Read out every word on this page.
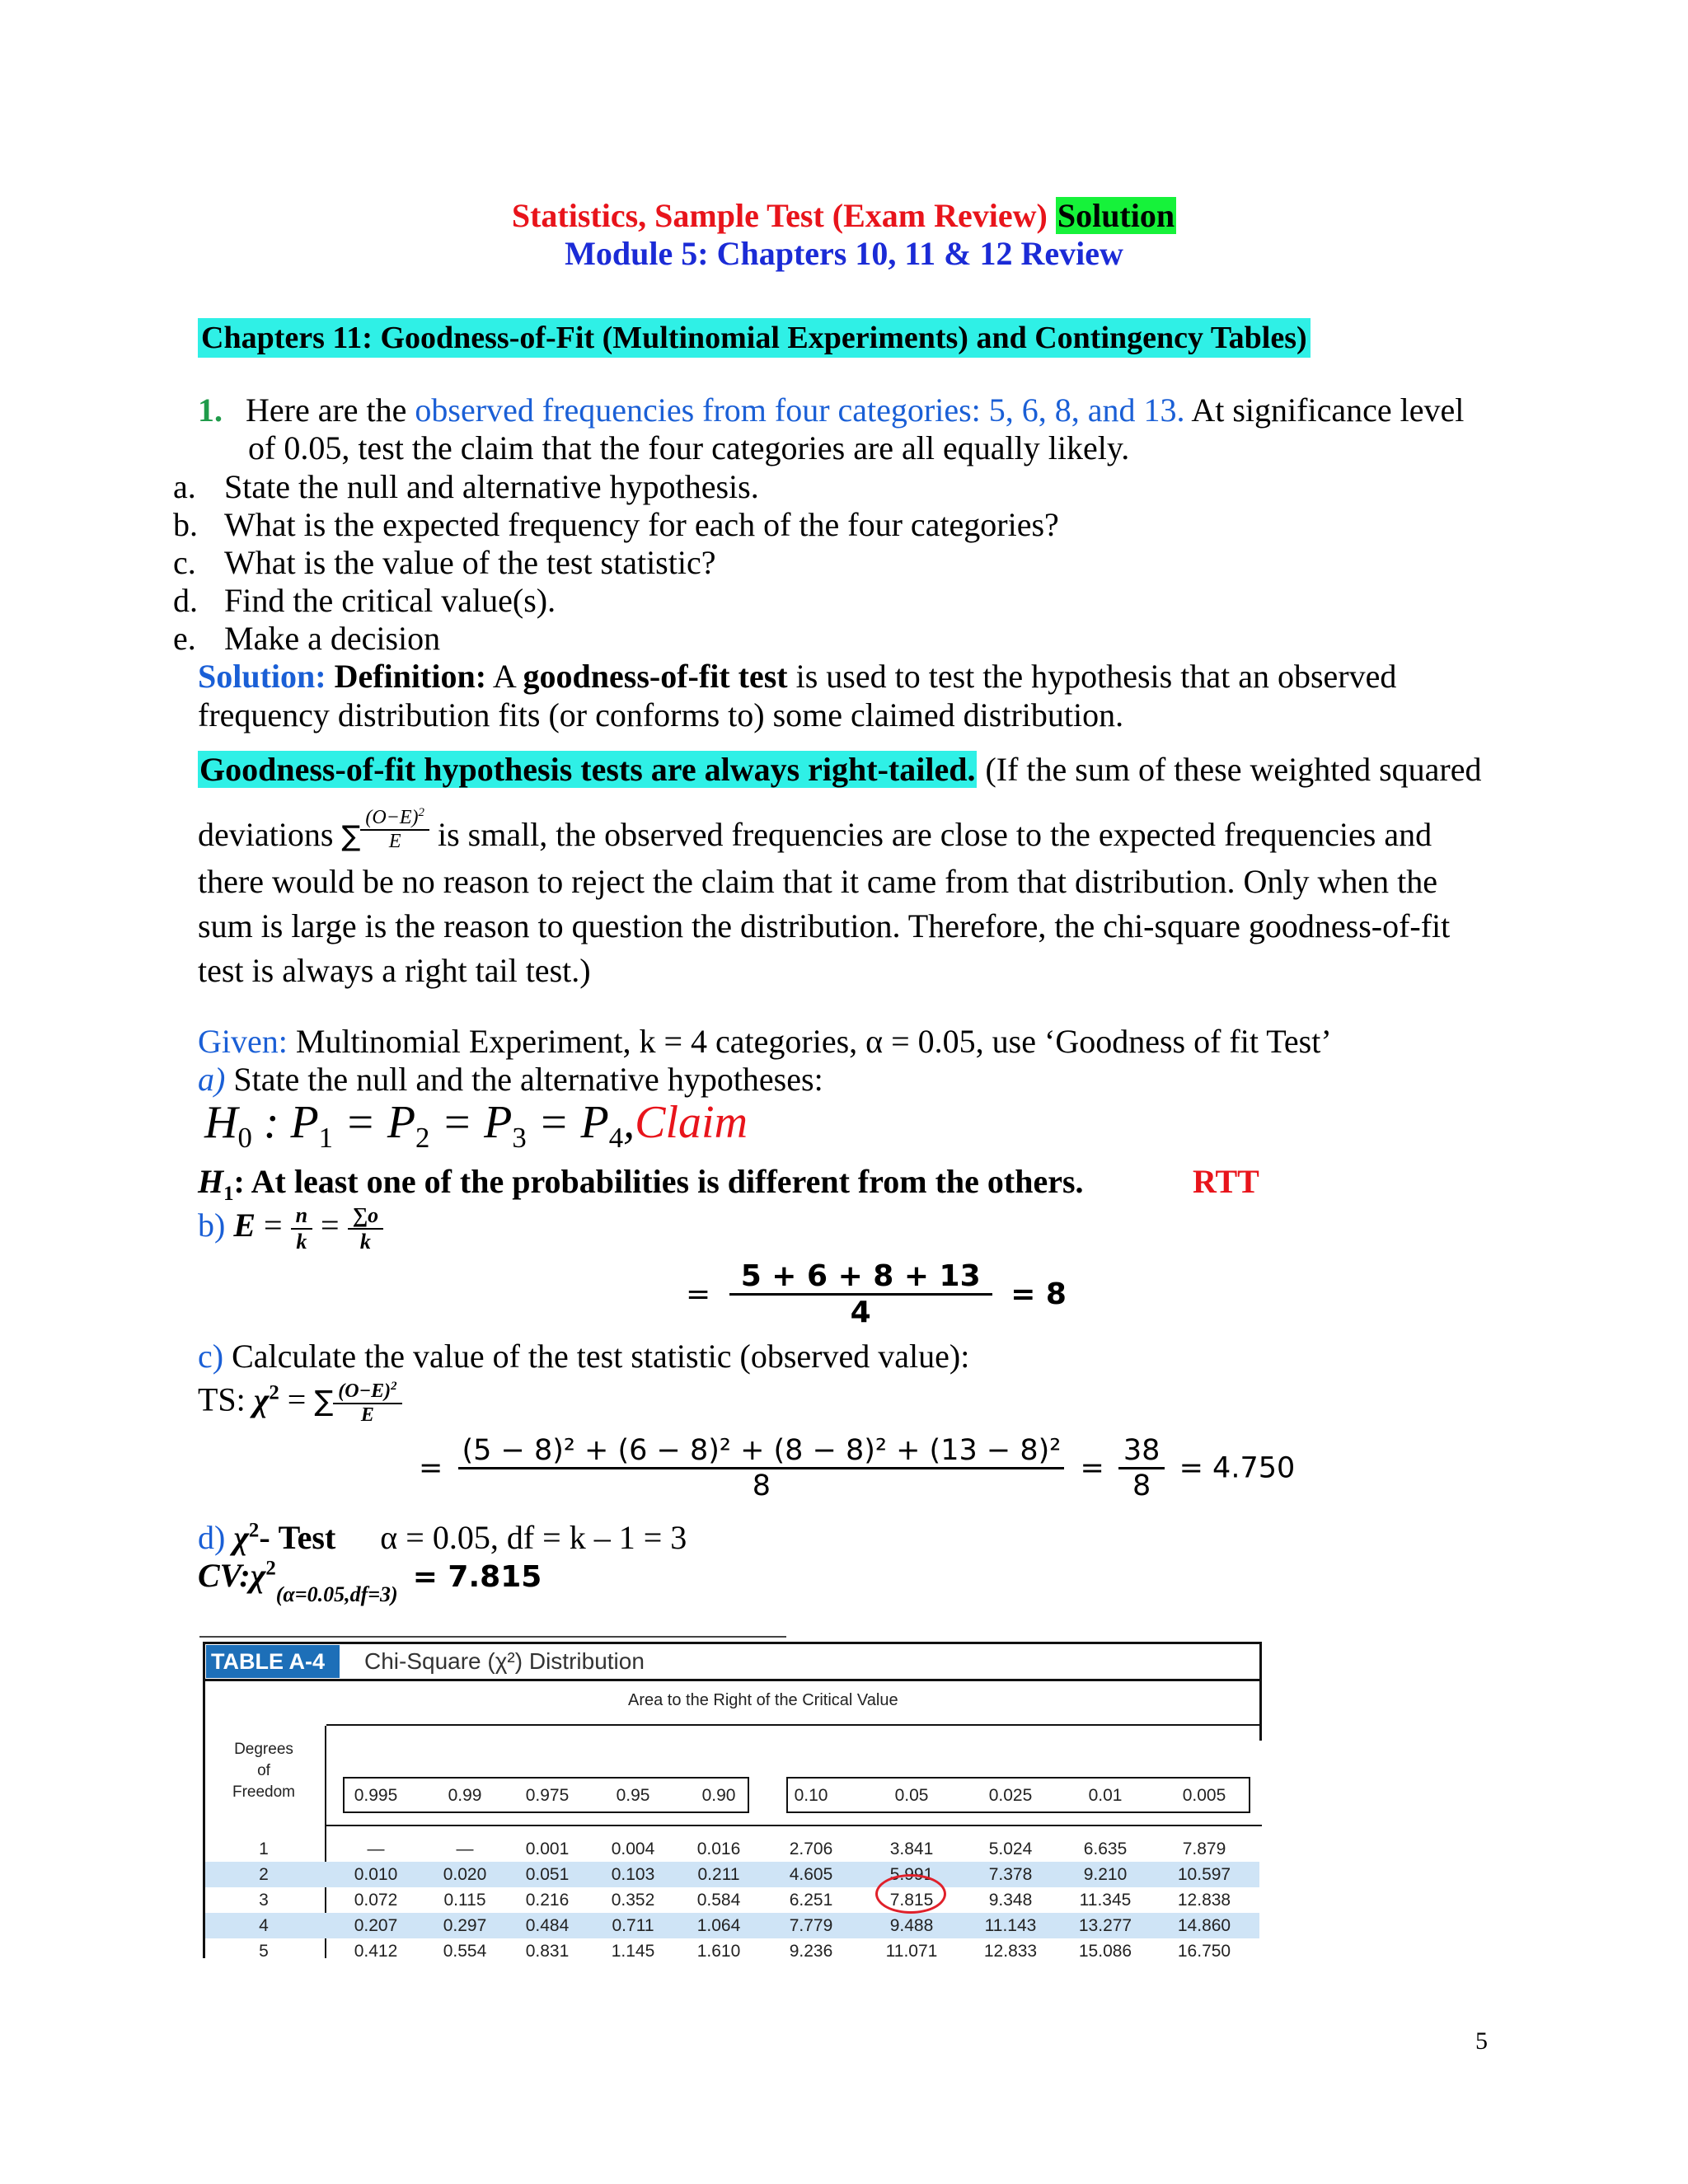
Statistics, Sample Test (Exam Review) Solution
Module 5: Chapters 10, 11 & 12 Review
Chapters 11: Goodness-of-Fit (Multinomial Experiments) and Contingency Tables)
1. Here are the observed frequencies from four categories: 5, 6, 8, and 13. At significance level
of 0.05, test the claim that the four categories are all equally likely.
a. State the null and alternative hypothesis.
b. What is the expected frequency for each of the four categories?
c. What is the value of the test statistic?
d. Find the critical value(s).
e. Make a decision
Solution: Definition: A goodness-of-fit test is used to test the hypothesis that an observed
frequency distribution fits (or conforms to) some claimed distribution.
Goodness-of-fit hypothesis tests are always right-tailed. (If the sum of these weighted squared
deviations ∑ $\frac{(O-E)^2}{E}$ is small, the observed frequencies are close to the expected frequencies and
there would be no reason to reject the claim that it came from that distribution. Only when the
sum is large is the reason to question the distribution. Therefore, the chi-square goodness-of-fit
test is always a right tail test.)
Given: Multinomial Experiment, k = 4 categories, α = 0.05, use ‘Goodness of fit Test’
a) State the null and the alternative hypotheses:
$H_0$ : $P_1 = P_2 = P_3$ = $P_4,Claim$
$H_1$: At least one of the probabilities is different from the others.	RTT
b) $E = \frac{n}{k} = \frac{\sum o}{k}$
= $\frac{5 + 6 + 8 + 13}{4} = 8$
c) Calculate the value of the test statistic (observed value):
TS: $\chi^2$ = ∑ $\frac{(O-E)^2}{E}$
= $\frac{\text{(5 − 8)² + (6 − 8)² + (8 − 8)² + (13 − 8)²}}{8} = \frac{38}{8} = 4.750$
d) $\chi^2-$ Test α = 0.05, df = k – 1 = 3
$CV:\chi^2_{(\alpha=0.05,df=3)} = 7.815$
TABLE A-4 Chi-Square (χ²) Distribution
Area to the Right of the Critical Value
Degrees
of
Freedom	0.995	0.99	0.975	0.95	0.90	0.10	0.05	0.025	0.01	0.005
1	—	—	0.001	0.004	0.016	2.706	3.841	5.024	6.635	7.879
2	0.010	0.020	0.051	0.103	0.211	4.605	5.991	7.378	9.210	10.597
3	0.072	0.115	0.216	0.352	0.584	6.251	7.815	9.348	11.345	12.838
4	0.207	0.297	0.484	0.711	1.064	7.779	9.488	11.143	13.277	14.860
5	0.412	0.554	0.831	1.145	1.610	9.236	11.071	12.833	15.086	16.750
5
